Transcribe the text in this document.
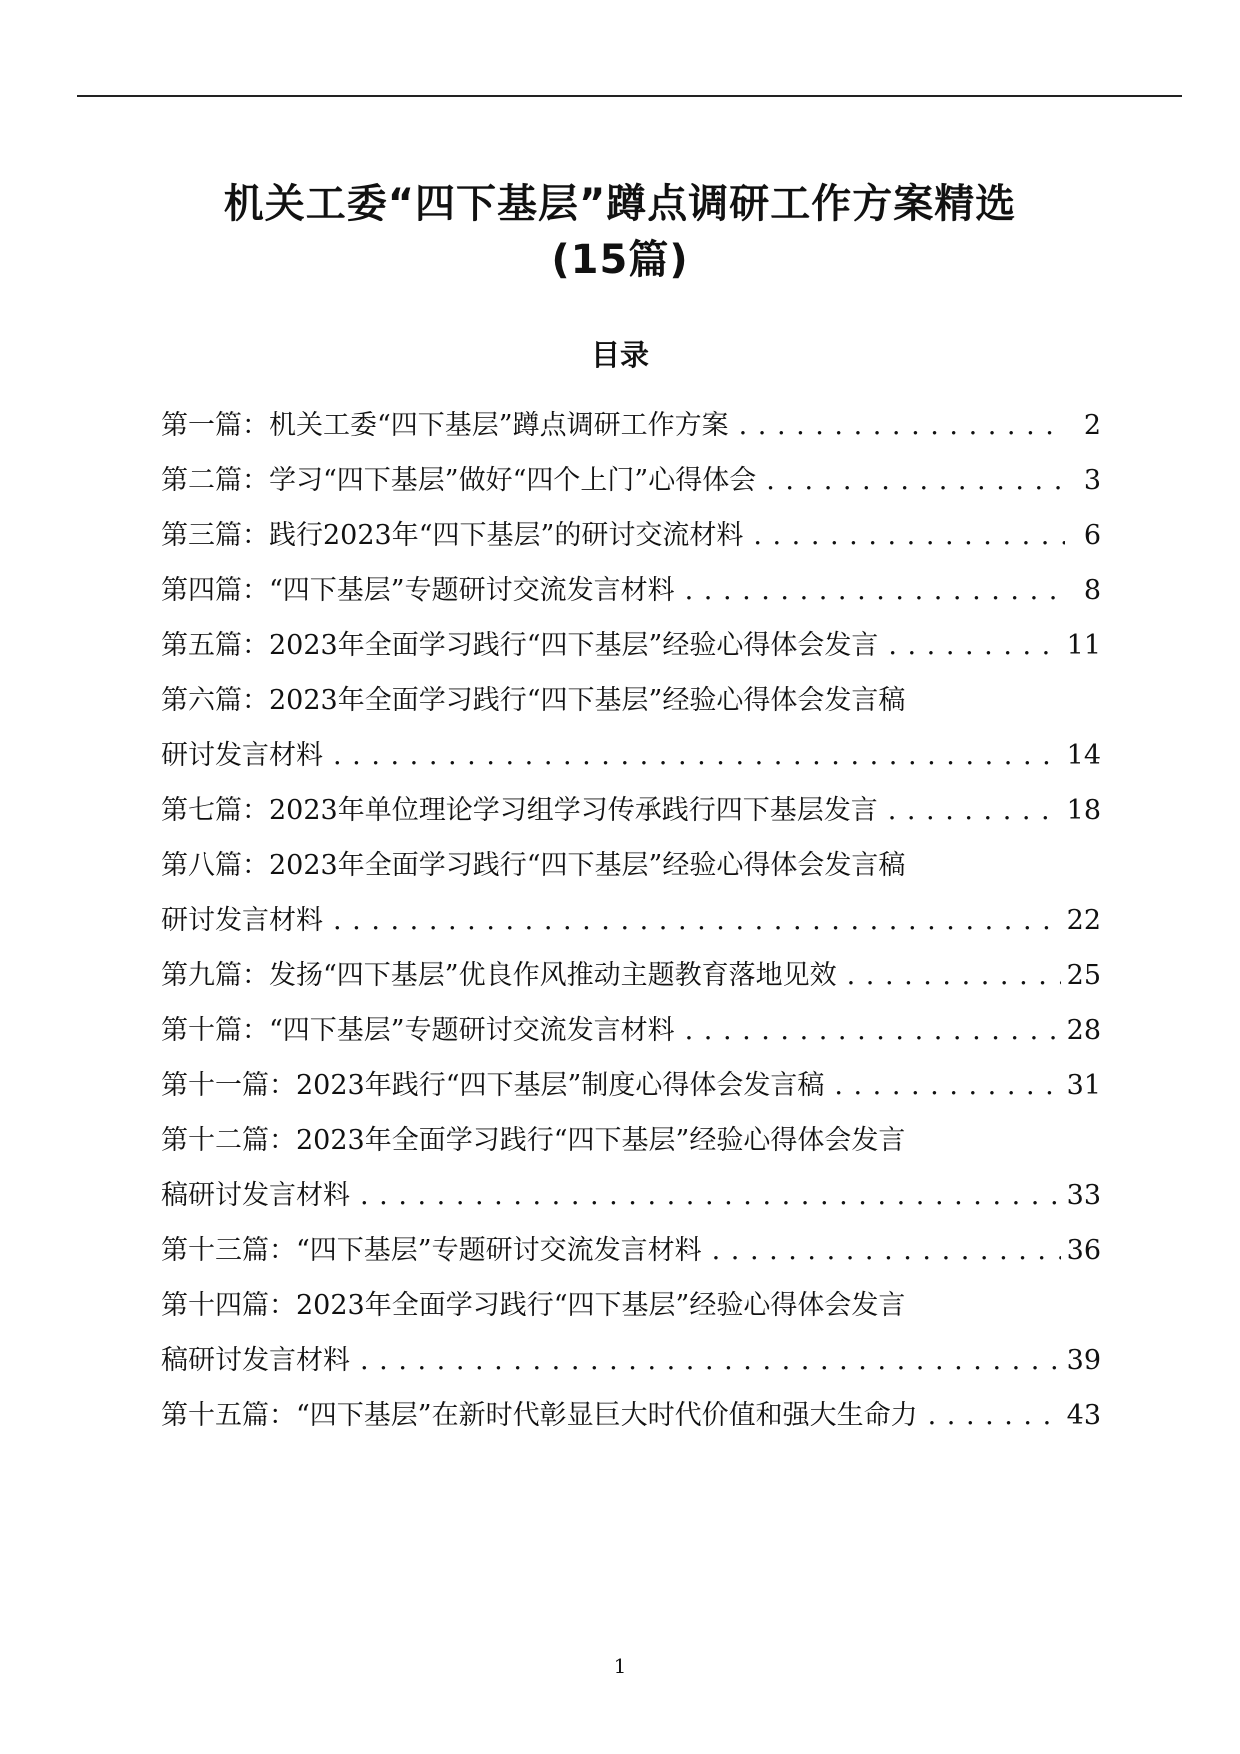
机关工委“四下基层”蹲点调研工作方案精选
(15篇)
目录
第一篇：机关工委“四下基层”蹲点调研工作方案 . . .	2
第二篇：学习“四下基层”做好“四个上门”心得体会 . . .	3
第三篇：践行2023年“四下基层”的研讨交流材料 . . .	6
第四篇：“四下基层”专题研讨交流发言材料 . . .	8
第五篇：2023年全面学习践行“四下基层”经验心得体会发言 . . .	11
第六篇：2023年全面学习践行“四下基层”经验心得体会发言稿
研讨发言材料 . . .	14
第七篇：2023年单位理论学习组学习传承践行四下基层发言 . . .	18
第八篇：2023年全面学习践行“四下基层”经验心得体会发言稿
研讨发言材料 . . .	22
第九篇：发扬“四下基层”优良作风推动主题教育落地见效 . . .	25
第十篇：“四下基层”专题研讨交流发言材料 . . .	28
第十一篇：2023年践行“四下基层”制度心得体会发言稿 . . .	31
第十二篇：2023年全面学习践行“四下基层”经验心得体会发言
稿研讨发言材料 . . .	33
第十三篇：“四下基层”专题研讨交流发言材料 . . .	36
第十四篇：2023年全面学习践行“四下基层”经验心得体会发言
稿研讨发言材料 . . .	39
第十五篇：“四下基层”在新时代彰显巨大时代价值和强大生命力 . . .	43
1
